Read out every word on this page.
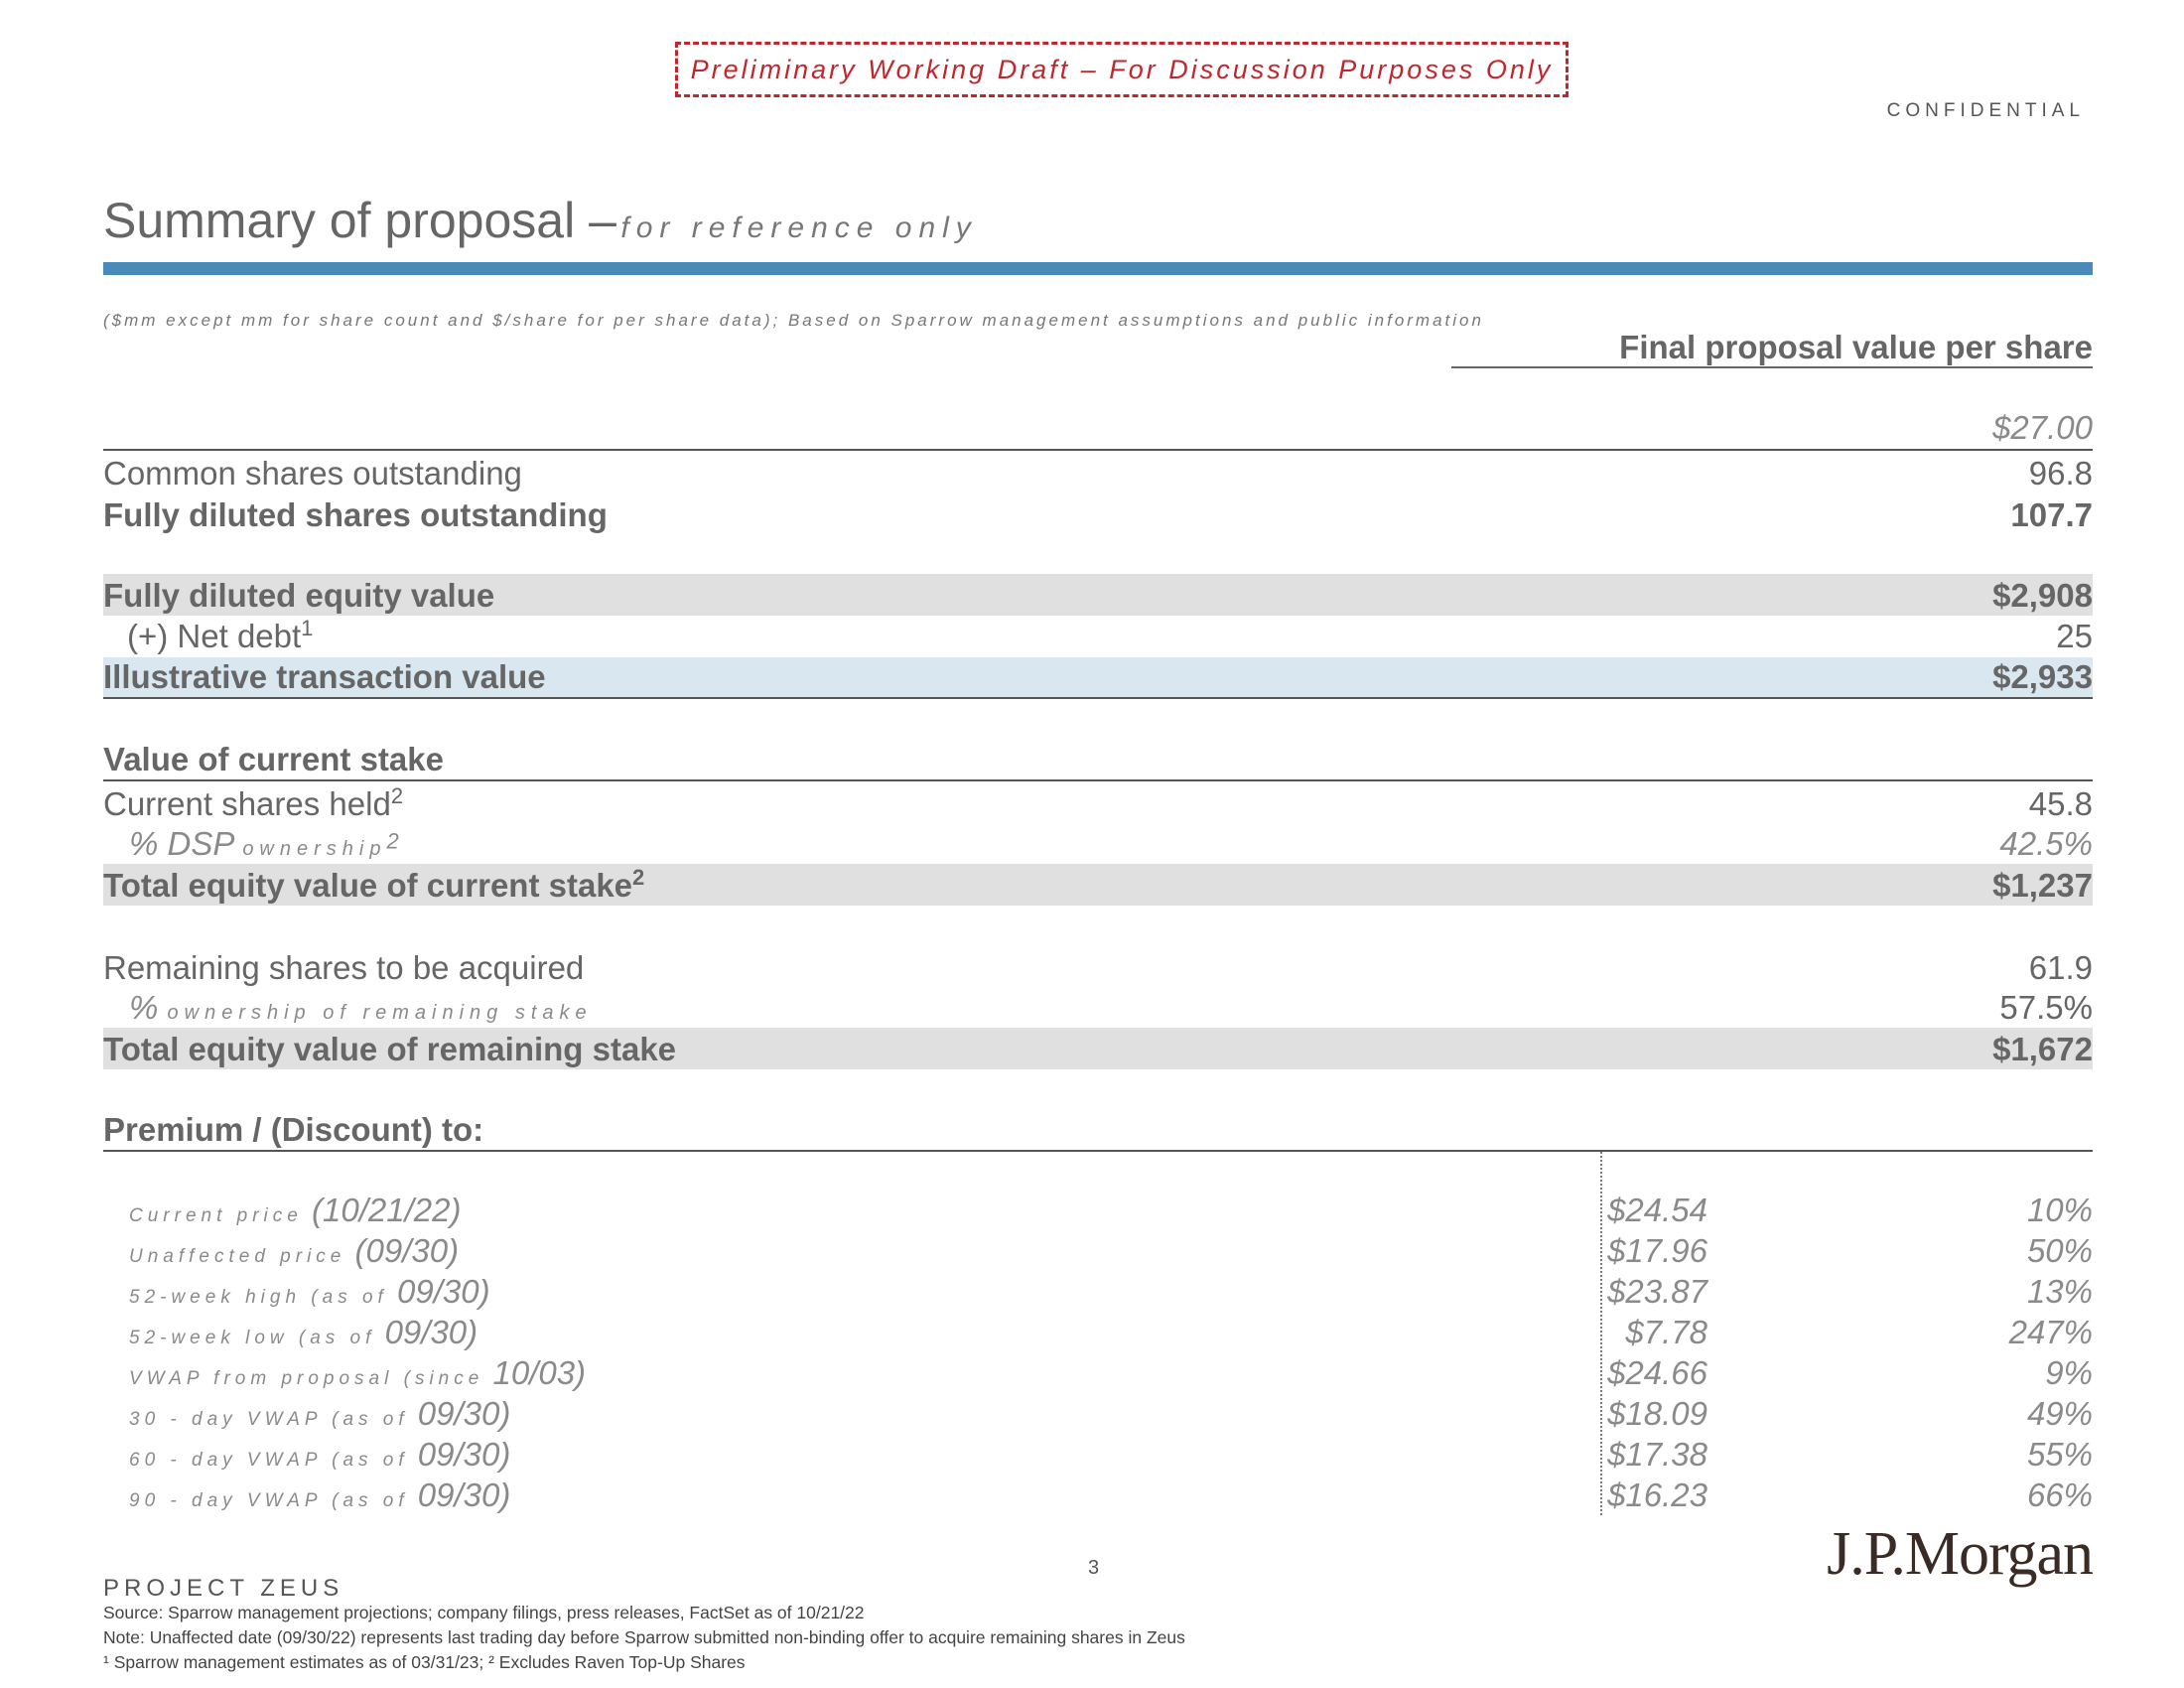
Preliminary Working Draft – For Discussion Purposes Only
CONFIDENTIAL
Summary of proposal – for reference only
($mm except mm for share count and $/share for per share data); Based on Sparrow management assumptions and public information
Final proposal value per share
$27.00
Common shares outstanding	96.8
Fully diluted shares outstanding	107.7
Fully diluted equity value	$2,908
(+) Net debt$^1$	25
Illustrative transaction value	$2,933
Value of current stake
Current shares held$^2$	45.8
% DSP ownership$^2$	42.5%
Total equity value of current stake$^2$	$1,237
Remaining shares to be acquired	61.9
% ownership of remaining stake	57.5%
Total equity value of remaining stake	$1,672
Premium / (Discount) to:
Current price (10/21/22)	$24.54	10%
Unaffected price (09/30)	$17.96	50%
52-week high (as of 09/30)	$23.87	13%
52-week low (as of 09/30)	$7.78	247%
VWAP from proposal (since 10/03)	$24.66	9%
30 - day VWAP (as of 09/30)	$18.09	49%
60 - day VWAP (as of 09/30)	$17.38	55%
90 - day VWAP (as of 09/30)	$16.23	66%
PROJECT ZEUS
3	J.P.Morgan
Source: Sparrow management projections; company filings, press releases, FactSet as of 10/21/22
Note: Unaffected date (09/30/22) represents last trading day before Sparrow submitted non-binding offer to acquire remaining shares in Zeus
¹ Sparrow management estimates as of 03/31/23; ² Excludes Raven Top-Up Shares
